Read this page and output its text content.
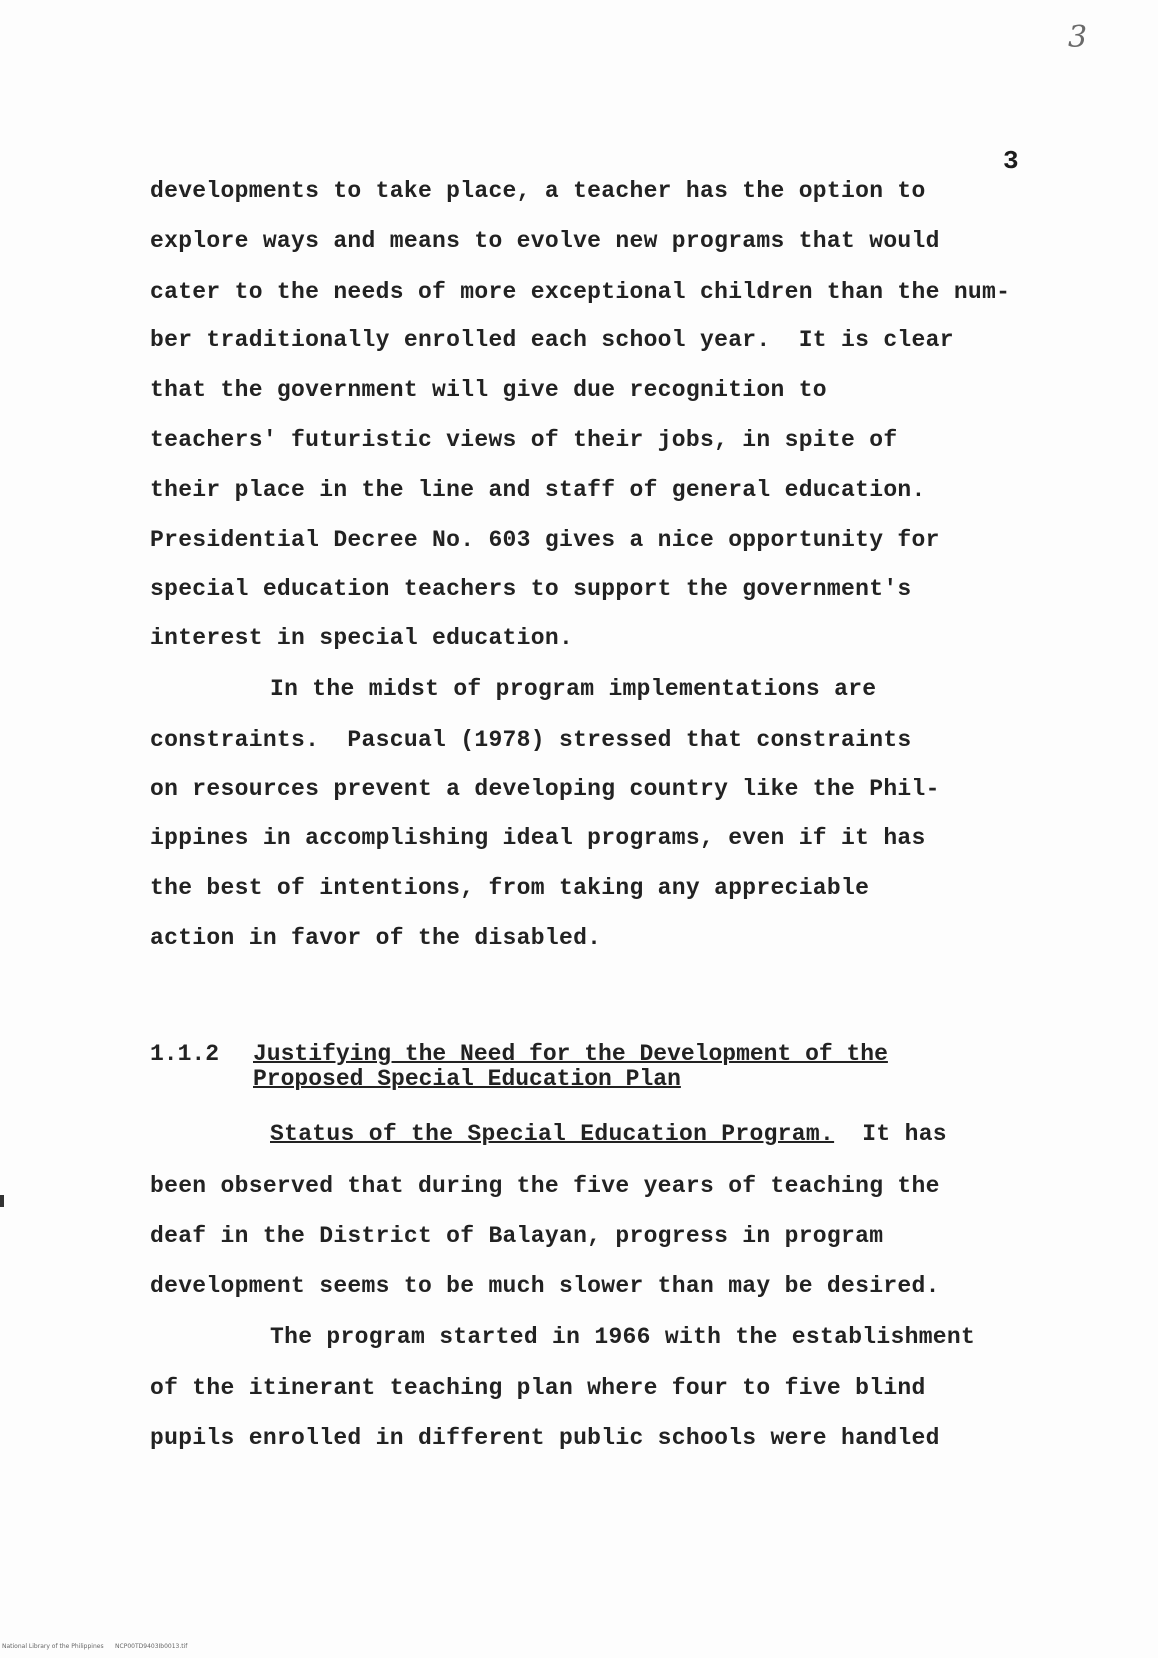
3
3
developments to take place, a teacher has the option to
explore ways and means to evolve new programs that would
cater to the needs of more exceptional children than the num-
ber traditionally enrolled each school year.  It is clear
that the government will give due recognition to
teachers' futuristic views of their jobs, in spite of
their place in the line and staff of general education.
Presidential Decree No. 603 gives a nice opportunity for
special education teachers to support the government's
interest in special education.
In the midst of program implementations are
constraints.  Pascual (1978) stressed that constraints
on resources prevent a developing country like the Phil-
ippines in accomplishing ideal programs, even if it has
the best of intentions, from taking any appreciable
action in favor of the disabled.
1.1.2 Justifying the Need for the Development of the
Proposed Special Education Plan
Status of the Special Education Program.  It has
been observed that during the five years of teaching the
deaf in the District of Balayan, progress in program
development seems to be much slower than may be desired.
The program started in 1966 with the establishment
of the itinerant teaching plan where four to five blind
pupils enrolled in different public schools were handled
National Library of the Philippines NCP00TD9403Ib0013.tif
